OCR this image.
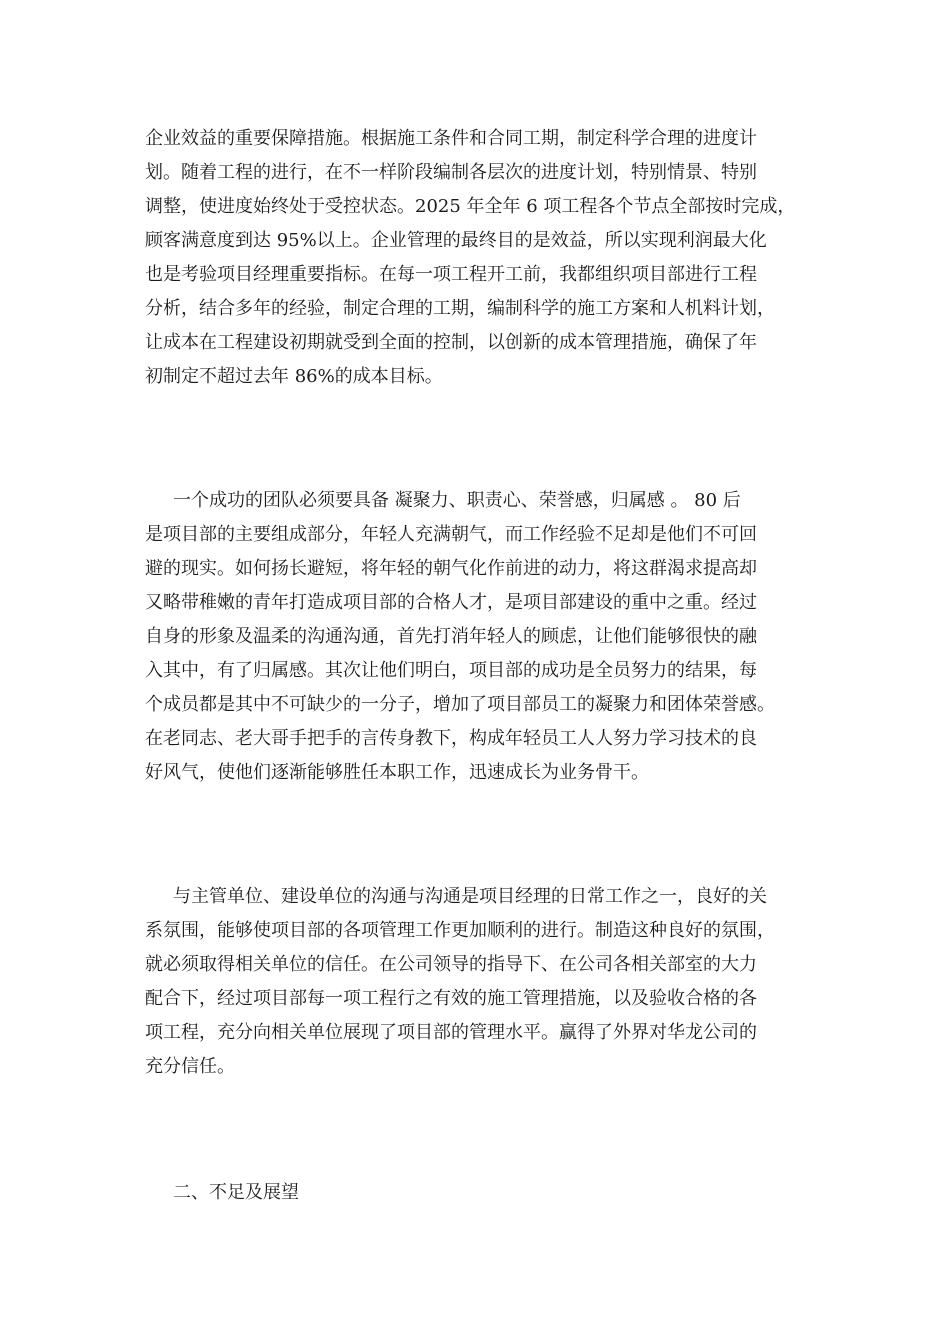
企业效益的重要保障措施。根据施工条件和合同工期，制定科学合理的进度计
划。随着工程的进行，在不一样阶段编制各层次的进度计划，特别情景、特别
调整，使进度始终处于受控状态。2025 年全年 6 项工程各个节点全部按时完成，
顾客满意度到达 95%以上。企业管理的最终目的是效益，所以实现利润最大化
也是考验项目经理重要指标。在每一项工程开工前，我都组织项目部进行工程
分析，结合多年的经验，制定合理的工期，编制科学的施工方案和人机料计划，
让成本在工程建设初期就受到全面的控制，以创新的成本管理措施，确保了年
初制定不超过去年 86%的成本目标。
一个成功的团队必须要具备 凝聚力、职责心、荣誉感，归属感 。 80 后
是项目部的主要组成部分，年轻人充满朝气，而工作经验不足却是他们不可回
避的现实。如何扬长避短，将年轻的朝气化作前进的动力，将这群渴求提高却
又略带稚嫩的青年打造成项目部的合格人才，是项目部建设的重中之重。经过
自身的形象及温柔的沟通沟通，首先打消年轻人的顾虑，让他们能够很快的融
入其中，有了归属感。其次让他们明白，项目部的成功是全员努力的结果，每
个成员都是其中不可缺少的一分子，增加了项目部员工的凝聚力和团体荣誉感。
在老同志、老大哥手把手的言传身教下，构成年轻员工人人努力学习技术的良
好风气，使他们逐渐能够胜任本职工作，迅速成长为业务骨干。
与主管单位、建设单位的沟通与沟通是项目经理的日常工作之一，良好的关
系氛围，能够使项目部的各项管理工作更加顺利的进行。制造这种良好的氛围，
就必须取得相关单位的信任。在公司领导的指导下、在公司各相关部室的大力
配合下，经过项目部每一项工程行之有效的施工管理措施，以及验收合格的各
项工程，充分向相关单位展现了项目部的管理水平。赢得了外界对华龙公司的
充分信任。
二、不足及展望
